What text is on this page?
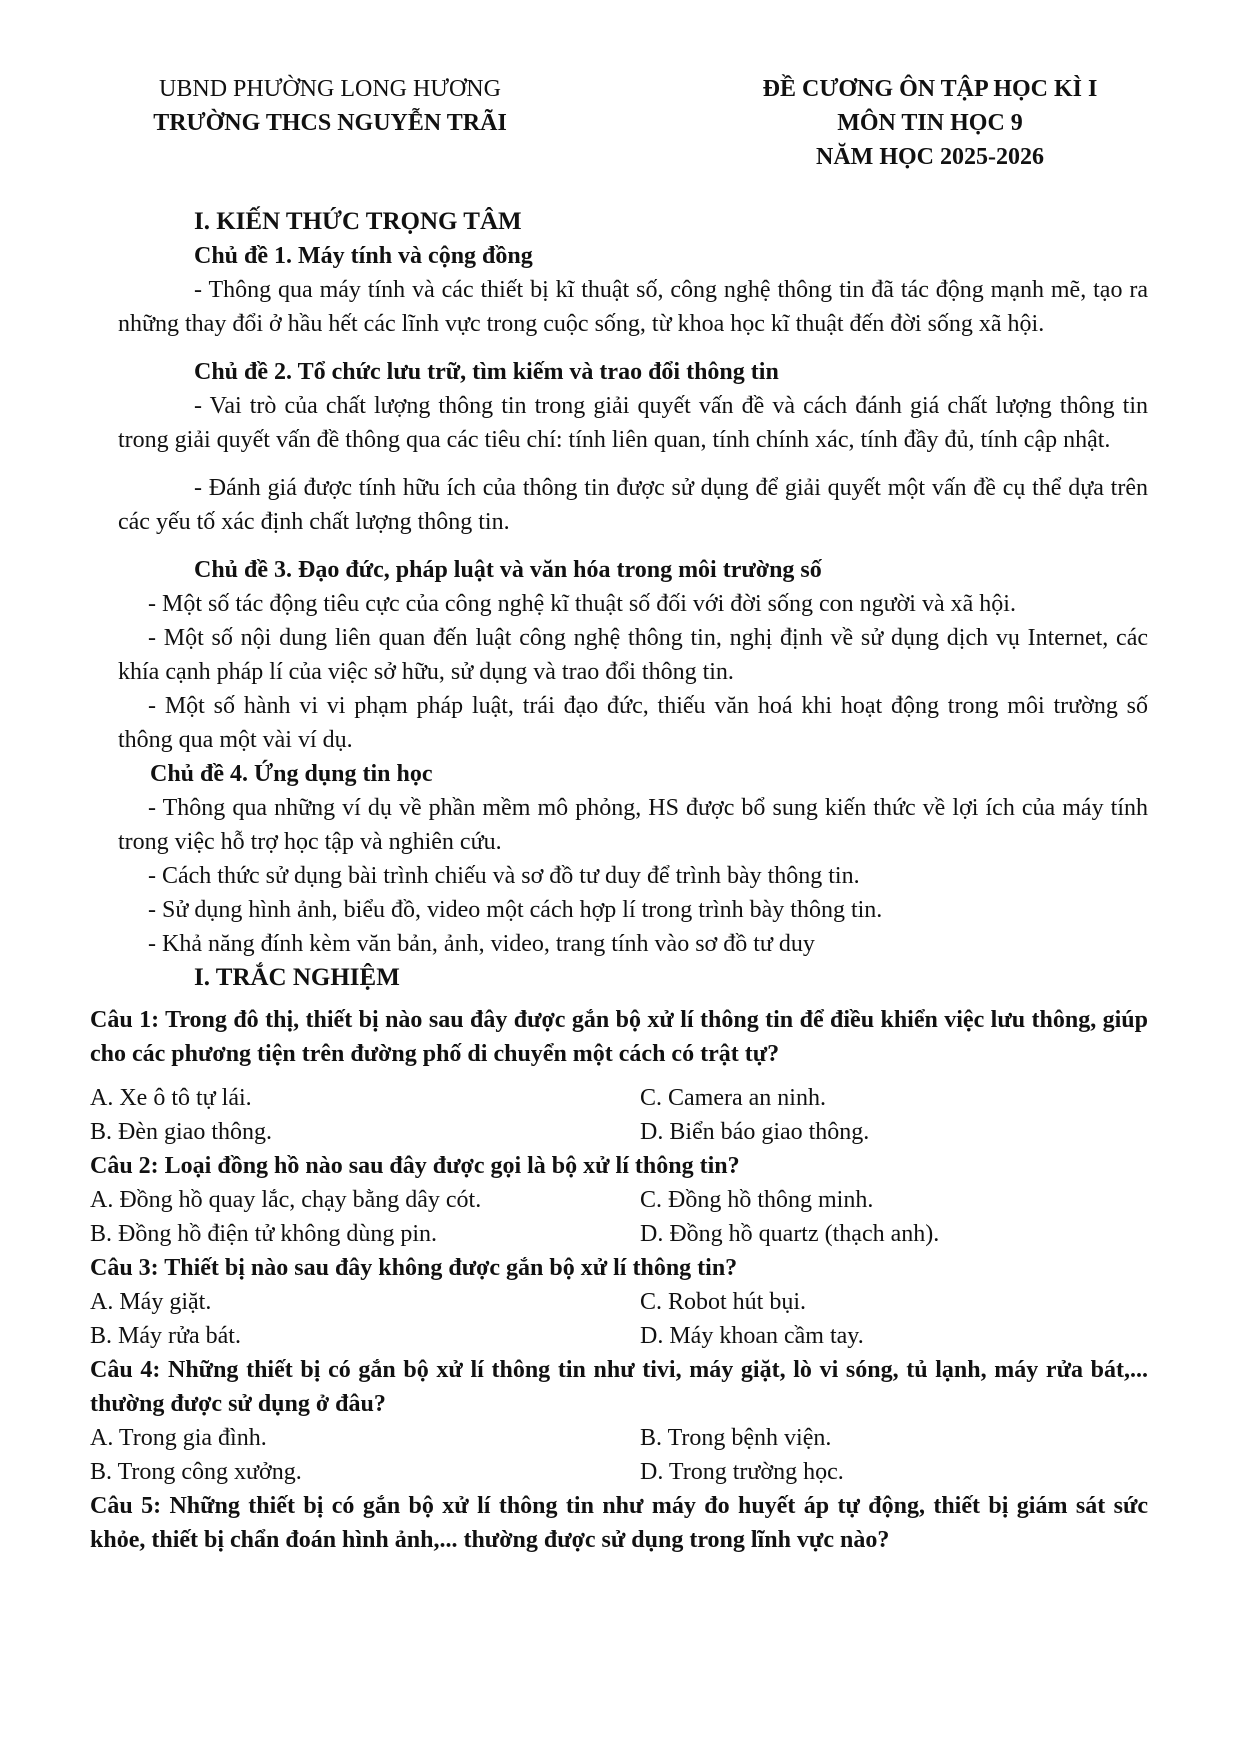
UBND PHƯỜNG LONG HƯƠNG
TRƯỜNG THCS NGUYỄN TRÃI
ĐỀ CƯƠNG ÔN TẬP HỌC KÌ I
MÔN TIN HỌC 9
NĂM HỌC 2025-2026
I. KIẾN THỨC TRỌNG TÂM
Chủ đề 1. Máy tính và cộng đồng

- Thông qua máy tính và các thiết bị kĩ thuật số, công nghệ thông tin đã tác động mạnh mẽ, tạo ra những thay đổi ở hầu hết các lĩnh vực trong cuộc sống, từ khoa học kĩ thuật đến đời sống xã hội.

Chủ đề 2. Tổ chức lưu trữ, tìm kiếm và trao đổi thông tin

- Vai trò của chất lượng thông tin trong giải quyết vấn đề và cách đánh giá chất lượng thông tin trong giải quyết vấn đề thông qua các tiêu chí: tính liên quan, tính chính xác, tính đầy đủ, tính cập nhật.

- Đánh giá được tính hữu ích của thông tin được sử dụng để giải quyết một vấn đề cụ thể dựa trên các yếu tố xác định chất lượng thông tin.

Chủ đề 3. Đạo đức, pháp luật và văn hóa trong môi trường số

- Một số tác động tiêu cực của công nghệ kĩ thuật số đối với đời sống con người và xã hội.

- Một số nội dung liên quan đến luật công nghệ thông tin, nghị định về sử dụng dịch vụ Internet, các khía cạnh pháp lí của việc sở hữu, sử dụng và trao đổi thông tin.

- Một số hành vi vi phạm pháp luật, trái đạo đức, thiếu văn hoá khi hoạt động trong môi trường số thông qua một vài ví dụ.

Chủ đề 4. Ứng dụng tin học

- Thông qua những ví dụ về phần mềm mô phỏng, HS được bổ sung kiến thức về lợi ích của máy tính trong việc hỗ trợ học tập và nghiên cứu.

- Cách thức sử dụng bài trình chiếu và sơ đồ tư duy để trình bày thông tin.

- Sử dụng hình ảnh, biểu đồ, video một cách hợp lí trong trình bày thông tin.

- Khả năng đính kèm văn bản, ảnh, video, trang tính vào sơ đồ tư duy

I. TRẮC NGHIỆM
Câu 1: Trong đô thị, thiết bị nào sau đây được gắn bộ xử lí thông tin để điều khiển việc lưu thông, giúp cho các phương tiện trên đường phố di chuyển một cách có trật tự?
A. Xe ô tô tự lái.	C. Camera an ninh.
B. Đèn giao thông.	D. Biển báo giao thông.
Câu 2: Loại đồng hồ nào sau đây được gọi là bộ xử lí thông tin?
A. Đồng hồ quay lắc, chạy bằng dây cót.	C. Đồng hồ thông minh.
B. Đồng hồ điện tử không dùng pin.	D. Đồng hồ quartz (thạch anh).
Câu 3: Thiết bị nào sau đây không được gắn bộ xử lí thông tin?
A. Máy giặt.	C. Robot hút bụi.
B. Máy rửa bát.	D. Máy khoan cầm tay.
Câu 4: Những thiết bị có gắn bộ xử lí thông tin như tivi, máy giặt, lò vi sóng, tủ lạnh, máy rửa bát,... thường được sử dụng ở đâu?
A. Trong gia đình.	B. Trong bệnh viện.
B. Trong công xưởng.	D. Trong trường học.
Câu 5: Những thiết bị có gắn bộ xử lí thông tin như máy đo huyết áp tự động, thiết bị giám sát sức khỏe, thiết bị chẩn đoán hình ảnh,... thường được sử dụng trong lĩnh vực nào?
